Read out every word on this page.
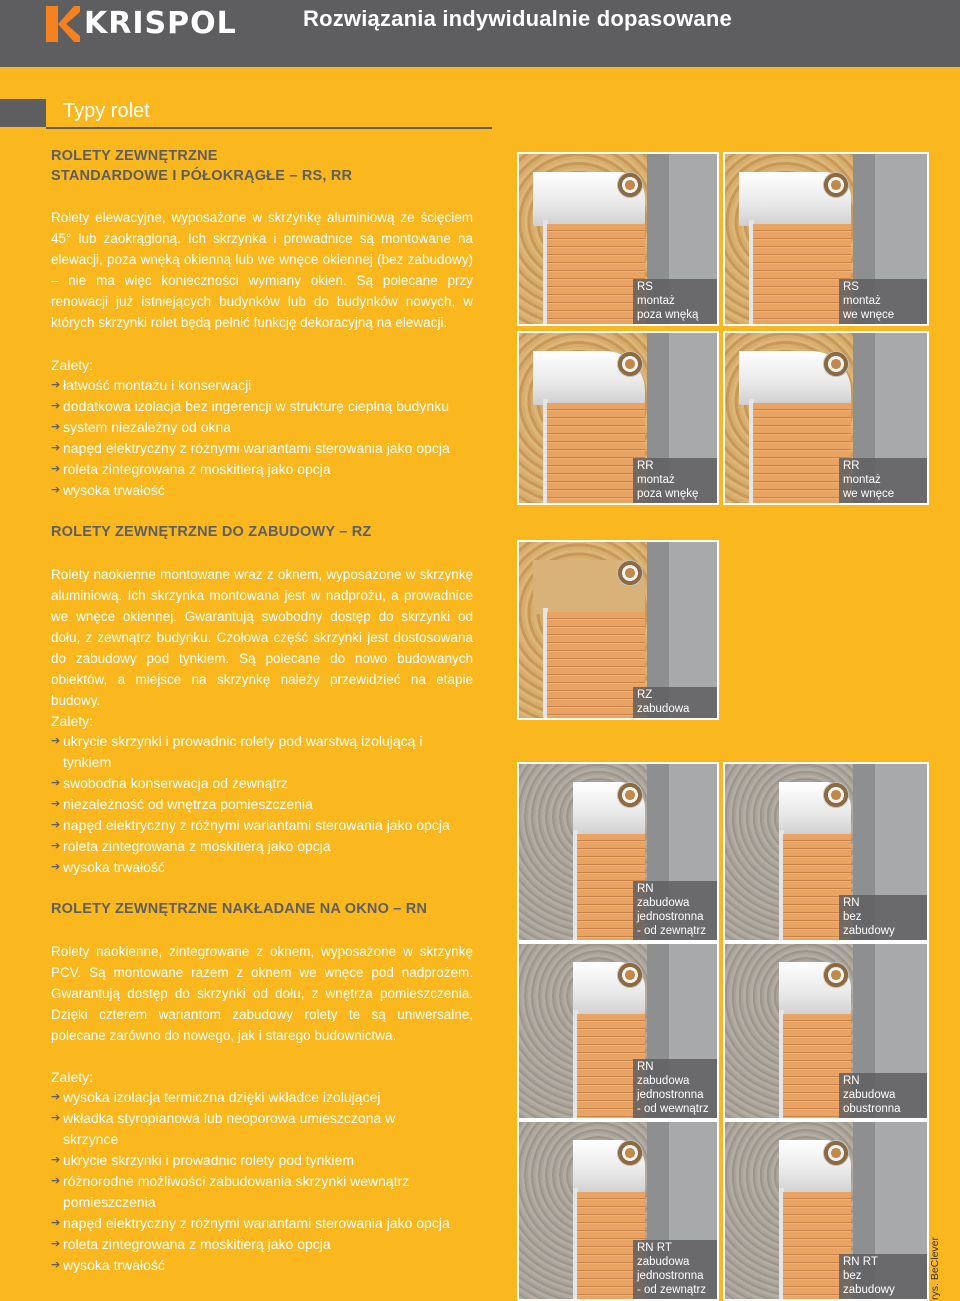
KRISPOL	Rozwiązania indywidualnie dopasowane
Typy rolet
ROLETY ZEWNĘTRZNE
STANDARDOWE I PÓŁOKRĄGŁE – RS, RR

Rolety elewacyjne, wyposażone w skrzynkę aluminiową ze ścięciem 45° lub zaokrągloną. Ich skrzynka i prowadnice są montowane na elewacji, poza wnęką okienną lub we wnęce okiennej (bez zabudowy) – nie ma więc konieczności wymiany okien. Są polecane przy renowacji już istniejących budynków lub do budynków nowych, w których skrzynki rolet będą pełnić funkcję dekoracyjną na elewacji.

Zalety:
➔ łatwość montażu i konserwacji
➔ dodatkowa izolacja bez ingerencji w strukturę cieplną budynku
➔ system niezależny od okna
➔ napęd elektryczny z różnymi wariantami sterowania jako opcja
➔ roleta zintegrowana z moskitierą jako opcja
➔ wysoka trwałość
ROLETY ZEWNĘTRZNE DO ZABUDOWY – RZ

Rolety naokienne montowane wraz z oknem, wyposażone w skrzynkę aluminiową. Ich skrzynka montowana jest w nadprożu, a prowadnice we wnęce okiennej. Gwarantują swobodny dostęp do skrzynki od dołu, z zewnątrz budynku. Czołowa część skrzynki jest dostosowana do zabudowy pod tynkiem. Są polecane do nowo budowanych obiektów, a miejsce na skrzynkę należy przewidzieć na etapie budowy.

Zalety:
➔ ukrycie skrzynki i prowadnic rolety pod warstwą izolującą i tynkiem
➔ swobodna konserwacja od zewnątrz
➔ niezależność od wnętrza pomieszczenia
➔ napęd elektryczny z różnymi wariantami sterowania jako opcja
➔ roleta zintegrowana z moskitierą jako opcja
➔ wysoka trwałość
ROLETY ZEWNĘTRZNE NAKŁADANE NA OKNO – RN

Rolety naokienne, zintegrowane z oknem, wyposażone w skrzynkę PCV. Są montowane razem z oknem we wnęce pod nadprożem. Gwarantują dostęp do skrzynki od dołu, z wnętrza pomieszczenia. Dzięki czterem wariantom zabudowy rolety te są uniwersalne, polecane zarówno do nowego, jak i starego budownictwa.

Zalety:
➔ wysoka izolacja termiczna dzięki wkładce izolującej
➔ wkładka styropianowa lub neoporowa umieszczona w skrzynce
➔ ukrycie skrzynki i prowadnic rolety pod tynkiem
➔ różnorodne możliwości zabudowania skrzynki wewnątrz pomieszczenia
➔ napęd elektryczny z różnymi wariantami sterowania jako opcja
➔ roleta zintegrowana z moskitierą jako opcja
➔ wysoka trwałość
RS
montaż
poza wnęką
RS
montaż
we wnęce
RR
montaż
poza wnękę
RR
montaż
we wnęce
RZ
zabudowa
RN
zabudowa
jednostronna
- od zewnątrz
RN
bez
zabudowy
RN
zabudowa
jednostronna
- od wewnątrz
RN
zabudowa
obustronna
RN RT
zabudowa
jednostronna
- od zewnątrz
RN RT
bez
zabudowy	rys. BeClever
